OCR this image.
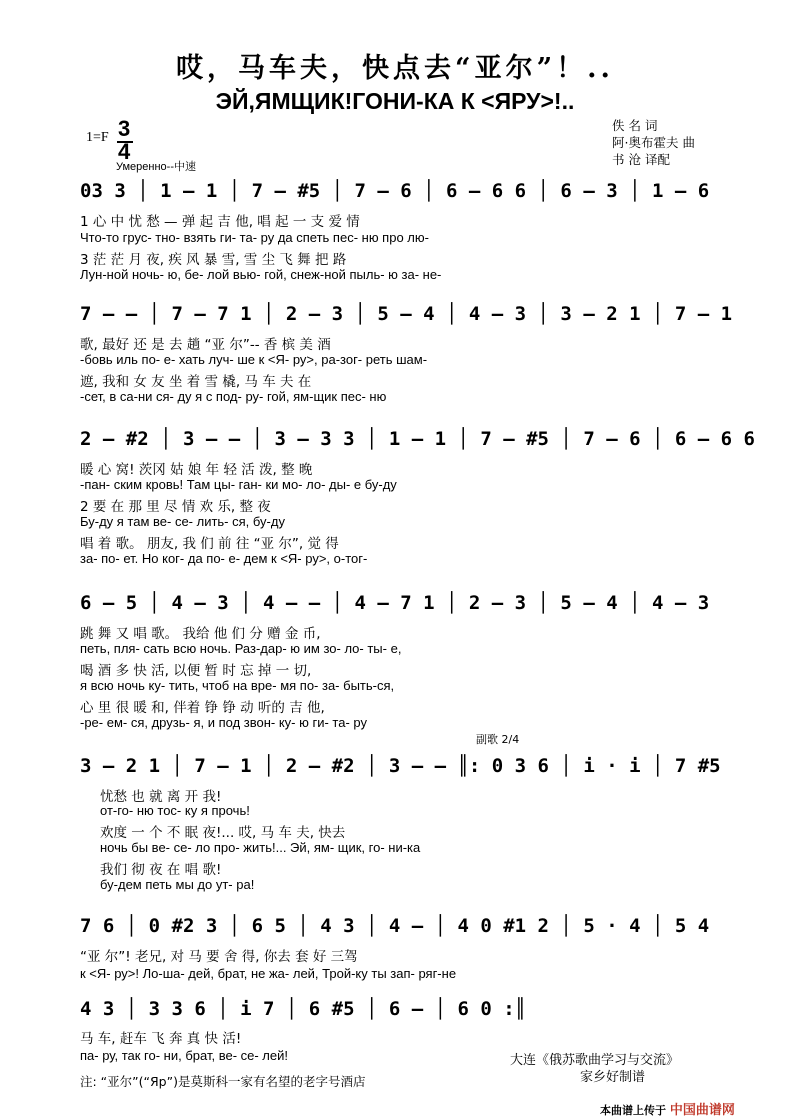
哎，马车夫，快点去“亚尔”！..
ЭЙ,ЯМЩИК!ГОНИ-КА К <ЯРУ>!..
1=F 3
4
Умеренно--中速
佚 名 词
阿·奥布霍夫 曲
书 沧 译配
03 3 │ 1 — 1 │ 7 — #5 │ 7 — 6 │ 6 — 6 6 │ 6 — 3 │ 1 — 6
1 心 中 忧 愁 — 弹 起 吉 他, 唱 起 一 支 爱 情
Что-то грус- тно- взять ги- та- ру да спеть пес- ню про лю-
3 茫 茫 月 夜, 疾 风 暴 雪, 雪 尘 飞 舞 把 路
Лун-ной ночь- ю, бе- лой вью- гой, снеж-ной пыль- ю за- не-
7 — — │ 7 — 7 1 │ 2 — 3 │ 5 — 4 │ 4 — 3 │ 3 — 2 1 │ 7 — 1
歌, 最好 还 是 去 趟 “亚 尔”-- 香 槟 美 酒
-бовь иль по- е- хать луч- ше к <Я- ру>, ра-зог- реть шам-
遮, 我和 女 友 坐 着 雪 橇, 马 车 夫 在
-сет, в са-ни ся- ду я с под- ру- гой, ям-щик пес- ню
2 — #2 │ 3 — — │ 3 — 3 3 │ 1 — 1 │ 7 — #5 │ 7 — 6 │ 6 — 6 6
暖 心 窝! 茨冈 姑 娘 年 轻 活 泼, 整 晚
-пан- ским кровь! Там цы- ган- ки мо- ло- ды- е бу-ду
2 要 在 那 里 尽 情 欢 乐, 整 夜
Бу-ду я там ве- се- лить- ся, бу-ду
唱 着 歌。 朋友, 我 们 前 往 “亚 尔”, 觉 得
за- по- ет. Но ког- да по- е- дем к <Я- ру>, о-тог-
6 — 5 │ 4 — 3 │ 4 — — │ 4 — 7 1 │ 2 — 3 │ 5 — 4 │ 4 — 3
跳 舞 又 唱 歌。 我给 他 们 分 赠 金 币,
петь, пля- сать всю ночь. Раз-дар- ю им зо- ло- ты- е,
喝 酒 多 快 活, 以便 暂 时 忘 掉 一 切,
я всю ночь ку- тить, чтоб на вре- мя по- за- быть-ся,
心 里 很 暖 和, 伴着 铮 铮 动 听的 吉 他,
-ре- ем- ся, друзь- я, и под звон- ку- ю ги- та- ру
副歌 2/4
3 — 2 1 │ 7 — 1 │ 2 — #2 │ 3 — — ║: 0 3 6 │ i · i │ 7 #5
忧愁 也 就 离 开 我!
от-го- ню тос- ку я прочь!
欢度 一 个 不 眠 夜!... 哎, 马 车 夫, 快去
ночь бы ве- се- ло про- жить!... Эй, ям- щик, го- ни-ка
我们 彻 夜 在 唱 歌!
бу-дем петь мы до ут- ра!
7 6 │ 0 #2 3 │ 6 5 │ 4 3 │ 4 — │ 4 0 #1 2 │ 5 · 4 │ 5 4
“亚 尔”! 老兄, 对 马 要 舍 得, 你去 套 好 三驾
к <Я- ру>! Ло-ша- дей, брат, не жа- лей, Трой-ку ты зап- ряг-не
4 3 │ 3 3 6 │ i 7 │ 6 #5 │ 6 — │ 6 0 :║
马 车, 赶车 飞 奔 真 快 活!
па- ру, так го- ни, брат, ве- се- лей!	大连《俄苏歌曲学习与交流》
家乡好制谱
注: “亚尔”(“Яр”)是莫斯科一家有名望的老字号酒店
本曲谱上传于 中国曲谱网
